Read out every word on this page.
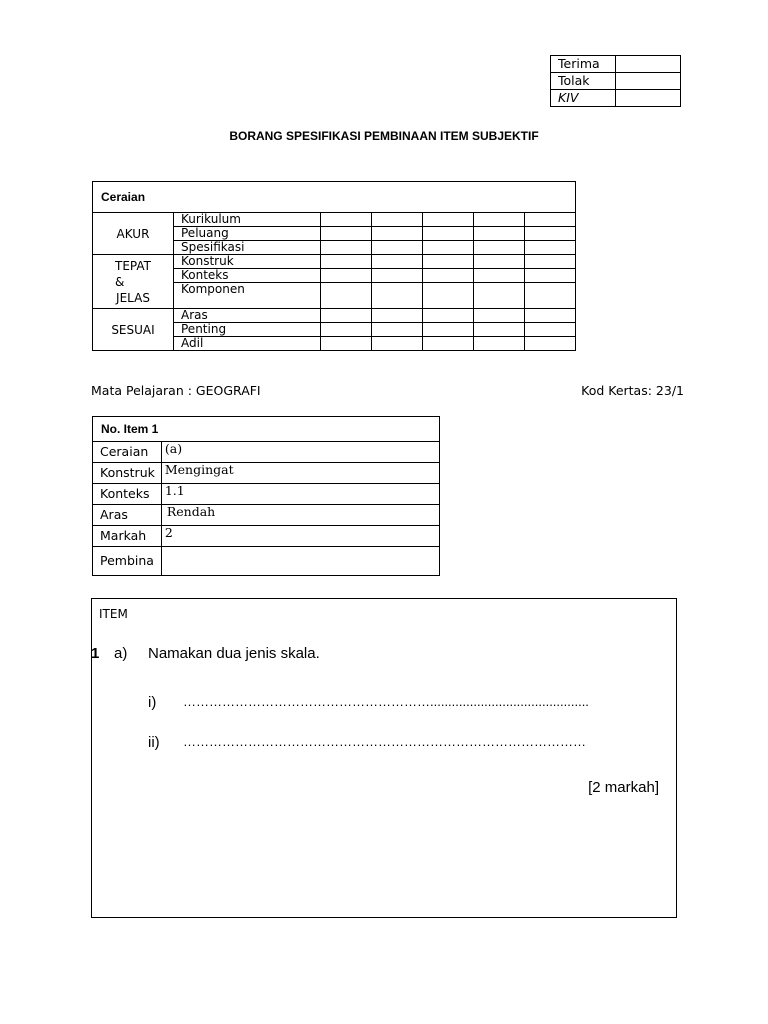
Terima	
Tolak	
KIV	
BORANG SPESIFIKASI PEMBINAAN ITEM SUBJEKTIF
Ceraian						
AKUR	Kurikulum					
	Peluang					
	Spesifikasi					

TEPAT
&
JELAS	Konstruk					
	Konteks					
	Komponen					
SESUAI	Aras					
	Penting					
	Adil					
Mata Pelajaran : GEOGRAFI	Kod Kertas: 23/1
No. Item 1	
Ceraian	(a)
Konstruk	Mengingat
Konteks	1.1
Aras	Rendah
Markah	2
Pembina	
ITEM
1 a) Namakan dua jenis skala.
i) …………………………………………………............................................
ii) …………………………………………………………………………………
[2 markah]
